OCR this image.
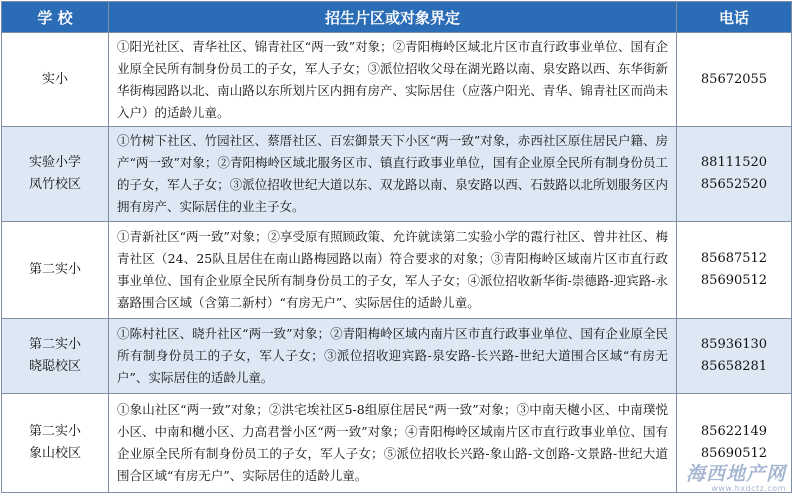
学 校	招生片区或对象界定	电话

实小	①阳光社区、青华社区、锦青社区“两一致”对象；②青阳梅岭区域北片区市直行政事业单位、国有企业原全民所有制身份员工的子女，军人子女；③派位招收父母在湖光路以南、泉安路以西、东华街新华街梅园路以北、南山路以东所划片区内拥有房产、实际居住（应落户阳光、青华、锦青社区而尚未入户）的适龄儿童。	85672055

实验小学
凤竹校区	①竹树下社区、竹园社区、蔡厝社区、百宏御景天下小区“两一致”对象，赤西社区原住居民户籍、房产“两一致”对象；②青阳梅岭区域北服务区市、镇直行政事业单位，国有企业原全民所有制身份员工的子女，军人子女；③派位招收世纪大道以东、双龙路以南、泉安路以西、石鼓路以北所划服务区内拥有房产、实际居住的业主子女。	88111520
85652520

第二实小	①青新社区“两一致”对象；②享受原有照顾政策、允许就读第二实验小学的霞行社区、曾井社区、梅青社区（24、25队且居住在南山路梅园路以南）符合要求的对象；③青阳梅岭区域南片区市直行政事业单位、国有企业原全民所有制身份员工的子女，军人子女；④派位招收新华街-崇德路-迎宾路-永嘉路围合区域（含第二新村）“有房无户”、实际居住的适龄儿童。	85687512
85690512

第二实小
晓聪校区	①陈村社区、晓升社区“两一致”对象；②青阳梅岭区域内南片区市直行政事业单位、国有企业原全民所有制身份员工的子女，军人子女；③派位招收迎宾路-泉安路-长兴路-世纪大道围合区域“有房无户”、实际居住的适龄儿童。	85936130
85658281

第二实小
象山校区	①象山社区“两一致”对象；②洪宅埃社区5-8组原住居民“两一致”对象；③中南天樾小区、中南璞悦小区、中南和樾小区、力高君誉小区“两一致”对象；④青阳梅岭区域南片区市直行政事业单位、国有企业原全民所有制身份员工的子女，军人子女；⑤派位招收长兴路-象山路-文创路-文景路-世纪大道围合区域“有房无户”、实际居住的适龄儿童。	85622149
85690512
海西地产网
www.hxdctz.com
